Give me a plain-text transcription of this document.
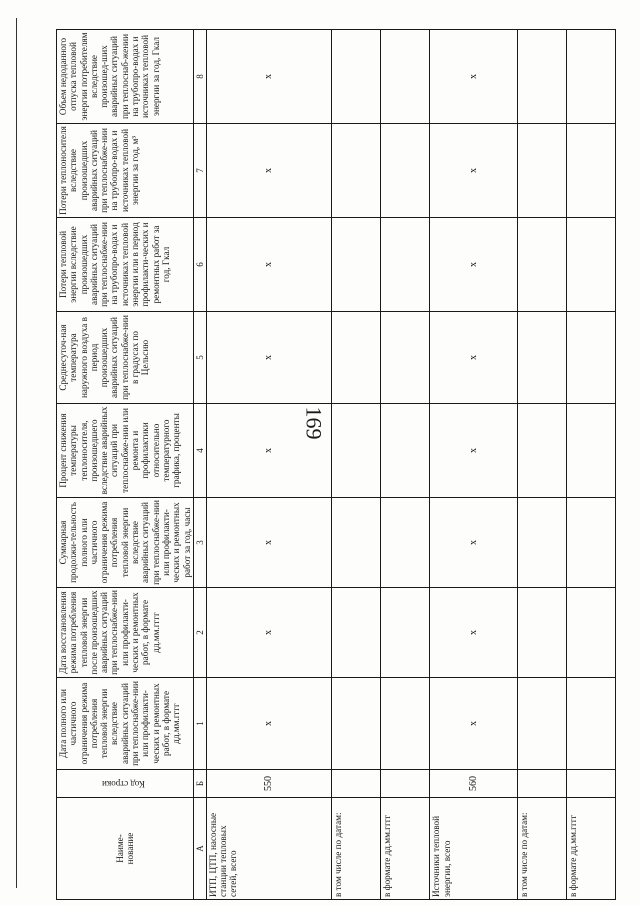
169
Наиме-
нование	Код строки	Дата полного или частичного ограничения режима потребления тепловой энергии вследствие аварийных ситуаций при теплоснабже-нии или профилакти-ческих и ремонтных работ, в формате дд.мм.гггг	Дата восстановления режима потребления тепловой энергии после произошедших аварийных ситуаций при теплоснабже-нии или профилакти-ческих и ремонтных работ, в формате дд.мм.гггг	Суммарная продолжи-тельность полного или частичного ограничения режима потребления тепловой энергии вследствие аварийных ситуаций при теплоснабже-нии или профилакти-ческих и ремонтных работ за год, часы	Процент снижения температуры теплоносителя, произошедшего вследствие аварийных ситуаций при теплоснабже-нии или ремонта и профилактики относительно температурного графика, проценты	Среднесуточ-ная температура наружного воздуха в период произошедших аварийных ситуаций при теплоснабже-нии в градусах по Цельсию	Потери тепловой энергии вследствие произошедших аварийных ситуаций при теплоснабже-нии на трубопро-водах и источниках тепловой энергии или в период профилакти-ческих и ремонтных работ за год, Гкал	Потери теплоносителя вследствие произошедших аварийных ситуаций при теплоснабже-нии на трубопро-водах и источниках тепловой энергии за год, м³	Объем недоданного отпуска тепловой энергии потребителям вследствие произошед-ших аварийных ситуаций при теплоснаб-жении на трубопро-водах и источниках тепловой энергии за год, Гкал
А	Б	1	2	3	4	5	6	7	8
ИТП, ЦТП, насосные станции тепловых сетей, всего	550	x	x	x	x	x	x	x	x
в том числе по датам:									
в формате дд.мм.гггг									
Источники тепловой энергии, всего	560	x	x	x	x	x	x	x	x
в том числе по датам:									
в формате дд.мм.гггг									
